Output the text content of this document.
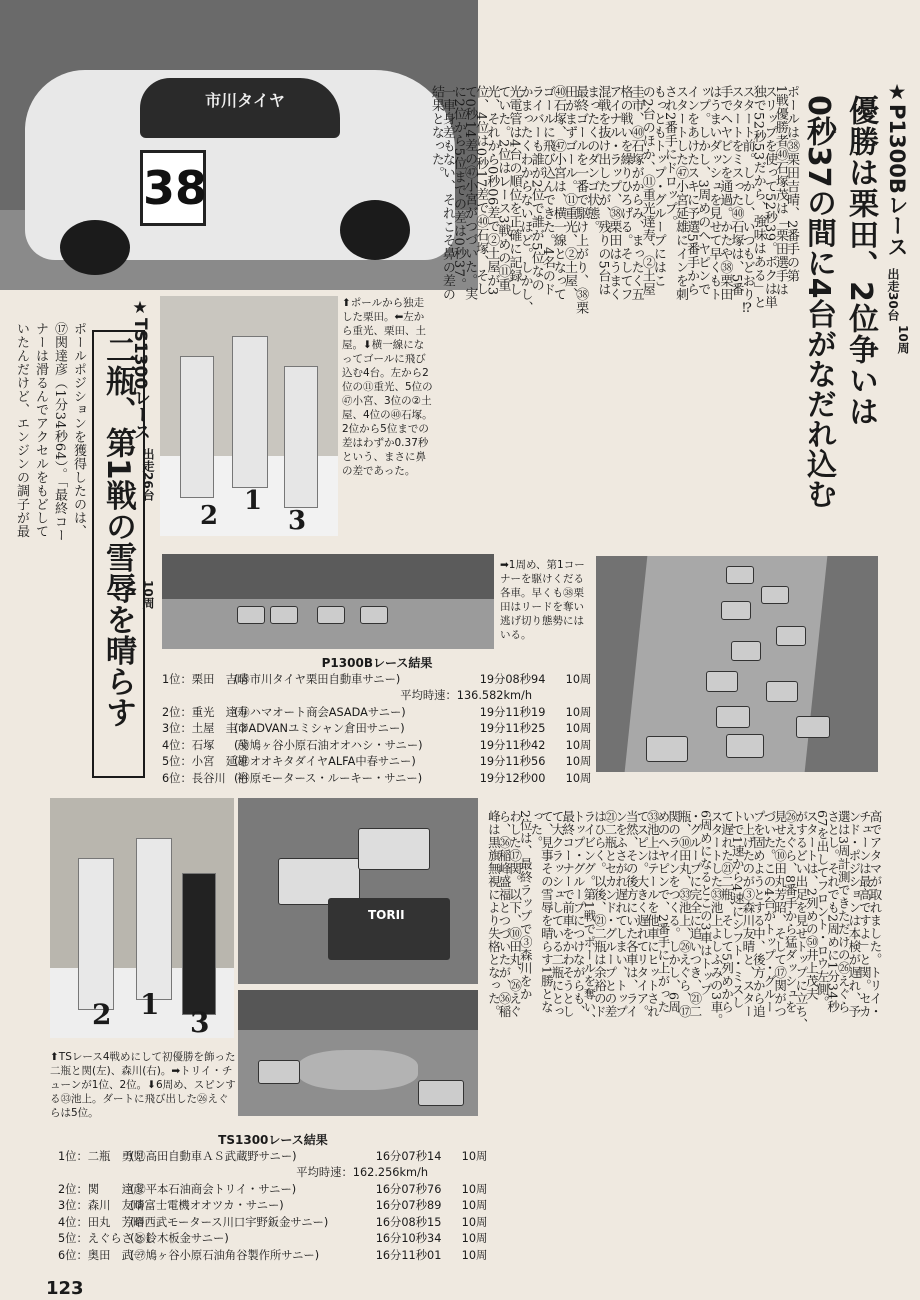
市川タイヤ
38	★P1300Bレース
出走30台
10周
優勝は栗田、2位争いは
0秒37の間に4台がなだれ込む
ポールは㊳栗田吉晴、2番手の第
1戦優勝者㊵石塚茂は「栗田選手は
スリップを使って52秒39。ボクは単
独で52秒53だから、強味はある」と
スタート前。しかし、いつもどおり⁉
スタートをミスった㊵石塚は、5番
手でヘヤピンを通過。かたや㊳栗田
はうまいダッシュを見せて早くもト
ップ。しかし、3周めのヘヤピンで
インをあけたスキに予選5番手から
スタートした㊼小宮延雄にインを刺
され2番手にドロップ。
もっともトップ・グループにはこ
の2台のほか、⑪重光達寿、②土屋
圭市、㊵石塚がからみ、まったく五
格の戦いを繰りひろげる。そしてフ
アイナル・ラップ、㊳栗田はうまく
混戦を抜け出したが、残りの5台は
まったくのダンゴ状態。
最終ゴールを一番で駆け上がり、㊳栗
田がまずゴール。⑪重光、②土屋、
㊵石塚、㊼小宮は、横一線となって
ゴールに飛び込んできた。4名のド
ライバーも誰が2位で誰が5位なの
かまったくわからないほど。しかし、
光電管は4台の順位を正確に記録し
ていた。2位はレース3戦めの⑪重
光、それから0秒06差で②土屋が3
位、4位は0秒17差で㊵石塚、そし
て0秒14差の㊼小宮がつづいた。実
に2位から5位までの差は0秒37。
一車身差もない、それこそ鼻の差の
結果となった。
2 1
3
⬆ポールから独走した栗田。⬅左から重光、栗田、土屋。⬇横一線になってゴールに飛び込む4台。左から2位の⑪重光、5位の㊼小宮、3位の②土屋、4位の㊵石塚。2位から5位までの差はわずか0.37秒という、まさに鼻の差であった。
★TS1300レース
出走26台
10周
二瓶、第1戦の雪辱を晴らす
ポールポジションを獲得したのは、
⑰関達彦（1分34秒64）。「最終コー
ナーは滑るんでアクセルをもどして
いたんだけど、エンジンの調子が最
高でアタマが取れました。トリイ・
チューンは最高ですよ」と関。セカ
ンド・ポジションは本検が遅れ、予
選は3周計測できただけの㉖えぐら
さとし。それでも2周めに1分34秒
67を出してフロント・ロウ左側。
スタートは、2列めの㊿井上茂夫
がするどい出足を見せトップに立ち、
㉖えぐら、8番手から猛ダッシュを
見せた⑩田丸芳昭、そして⑰関がつ
づいた。この4台がトップ・グルー
プを固めようとする中、後方から追
い上げたのが③森川友晴と、スター
トで1速から4速にシフト・ミスし
て遅れた㉑二瓶、そして5列めから
スタートした㉝池上よしふみの3車。
6周めになるとこの3車はトップ
・グループに完全に追いつき、㉑二
瓶、⑩田丸、㉝池上、㉖えぐら、⑰
関のラインをつくる。しかし、6周
めのヘヤピンで、2番手に上がった
㉝池上はテールを他車にヒットされ
てスピン。大きく遅れてリタイア。
当然、その後方にいた各車は、ライ
ンをふさがれ遅れてしまい、トップ
㉑二瓶とセカンド・グループとの差
はひらく。以後、㉑二瓶は余裕のド
ライビング。第1戦でポールを奪い、
トップ・グループにつけながらも、
最終コーナーで前車をかわそうとし
て大クラッシュしている二瓶にとっ
て、見事その雪辱を晴らす1勝とな
った。
2位は、最終ラップで③森川をか
わした⑰関。以下、⑩田丸、㉖えぐ
ら、㊱稲峰盛福とつづいたが、㊱稲
峰は黒旗無視により失格となった。
➡1周め、第1コーナーを駆けくだる各車。早くも㊳栗田はリードを奪い逃げ切り態勢にはいる。
P1300Bレース結果
1位：栗田　吉晴
(㊳市川タイヤ栗田自動車サニー)	19分08秒94	10周
平均時速：136.582km/h
2位：重光　達寿
(⑪ハマオート商会ASADAサニー)	19分11秒19	10周
3位：土屋　圭市
(②ADVANユミシャン倉田サニー)	19分11秒25	10周
4位：石塚　　茂
(㊵鳩ヶ谷小原石油オオハシ・サニー)	19分11秒42	10周
5位：小宮　延雄
(㊼オオキタダイヤALFA中春サニー)	19分11秒56	10周
6位：長谷川　裕
(㊹原モータース・ルーキー・サニー)	19分12秒00	10周
2 1
3
⬆TSレース4戦めにして初優勝を飾った二瓶と関(左)、森川(右)。➡トリイ・チューンが1位、2位。⬇6周め、スピンする㉝池上。ダートに飛び出した㉖えぐらは5位。
TORII
TS1300レース結果
1位：二瓶　勇児
(㉑高田自動車ＡＳ武蔵野サニー)	16分07秒14	10周
平均時速：162.256km/h
2位：関　　達彦
(⑰平本石油商会トリイ・サニー)	16分07秒76	10周
3位：森川　友晴
(③富士電機オオツカ・サニー)	16分07秒89	10周
4位：田丸　芳昭
(⑩西武モータース川口宇野鈑金サニー)	16分08秒15	10周
5位：えぐらさとし
(㉖鈴木板金サニー)	16分10秒34	10周
6位：奥田　武一
(㉗鳩ヶ谷小原石油角谷製作所サニー)	16分11秒01	10周
123
